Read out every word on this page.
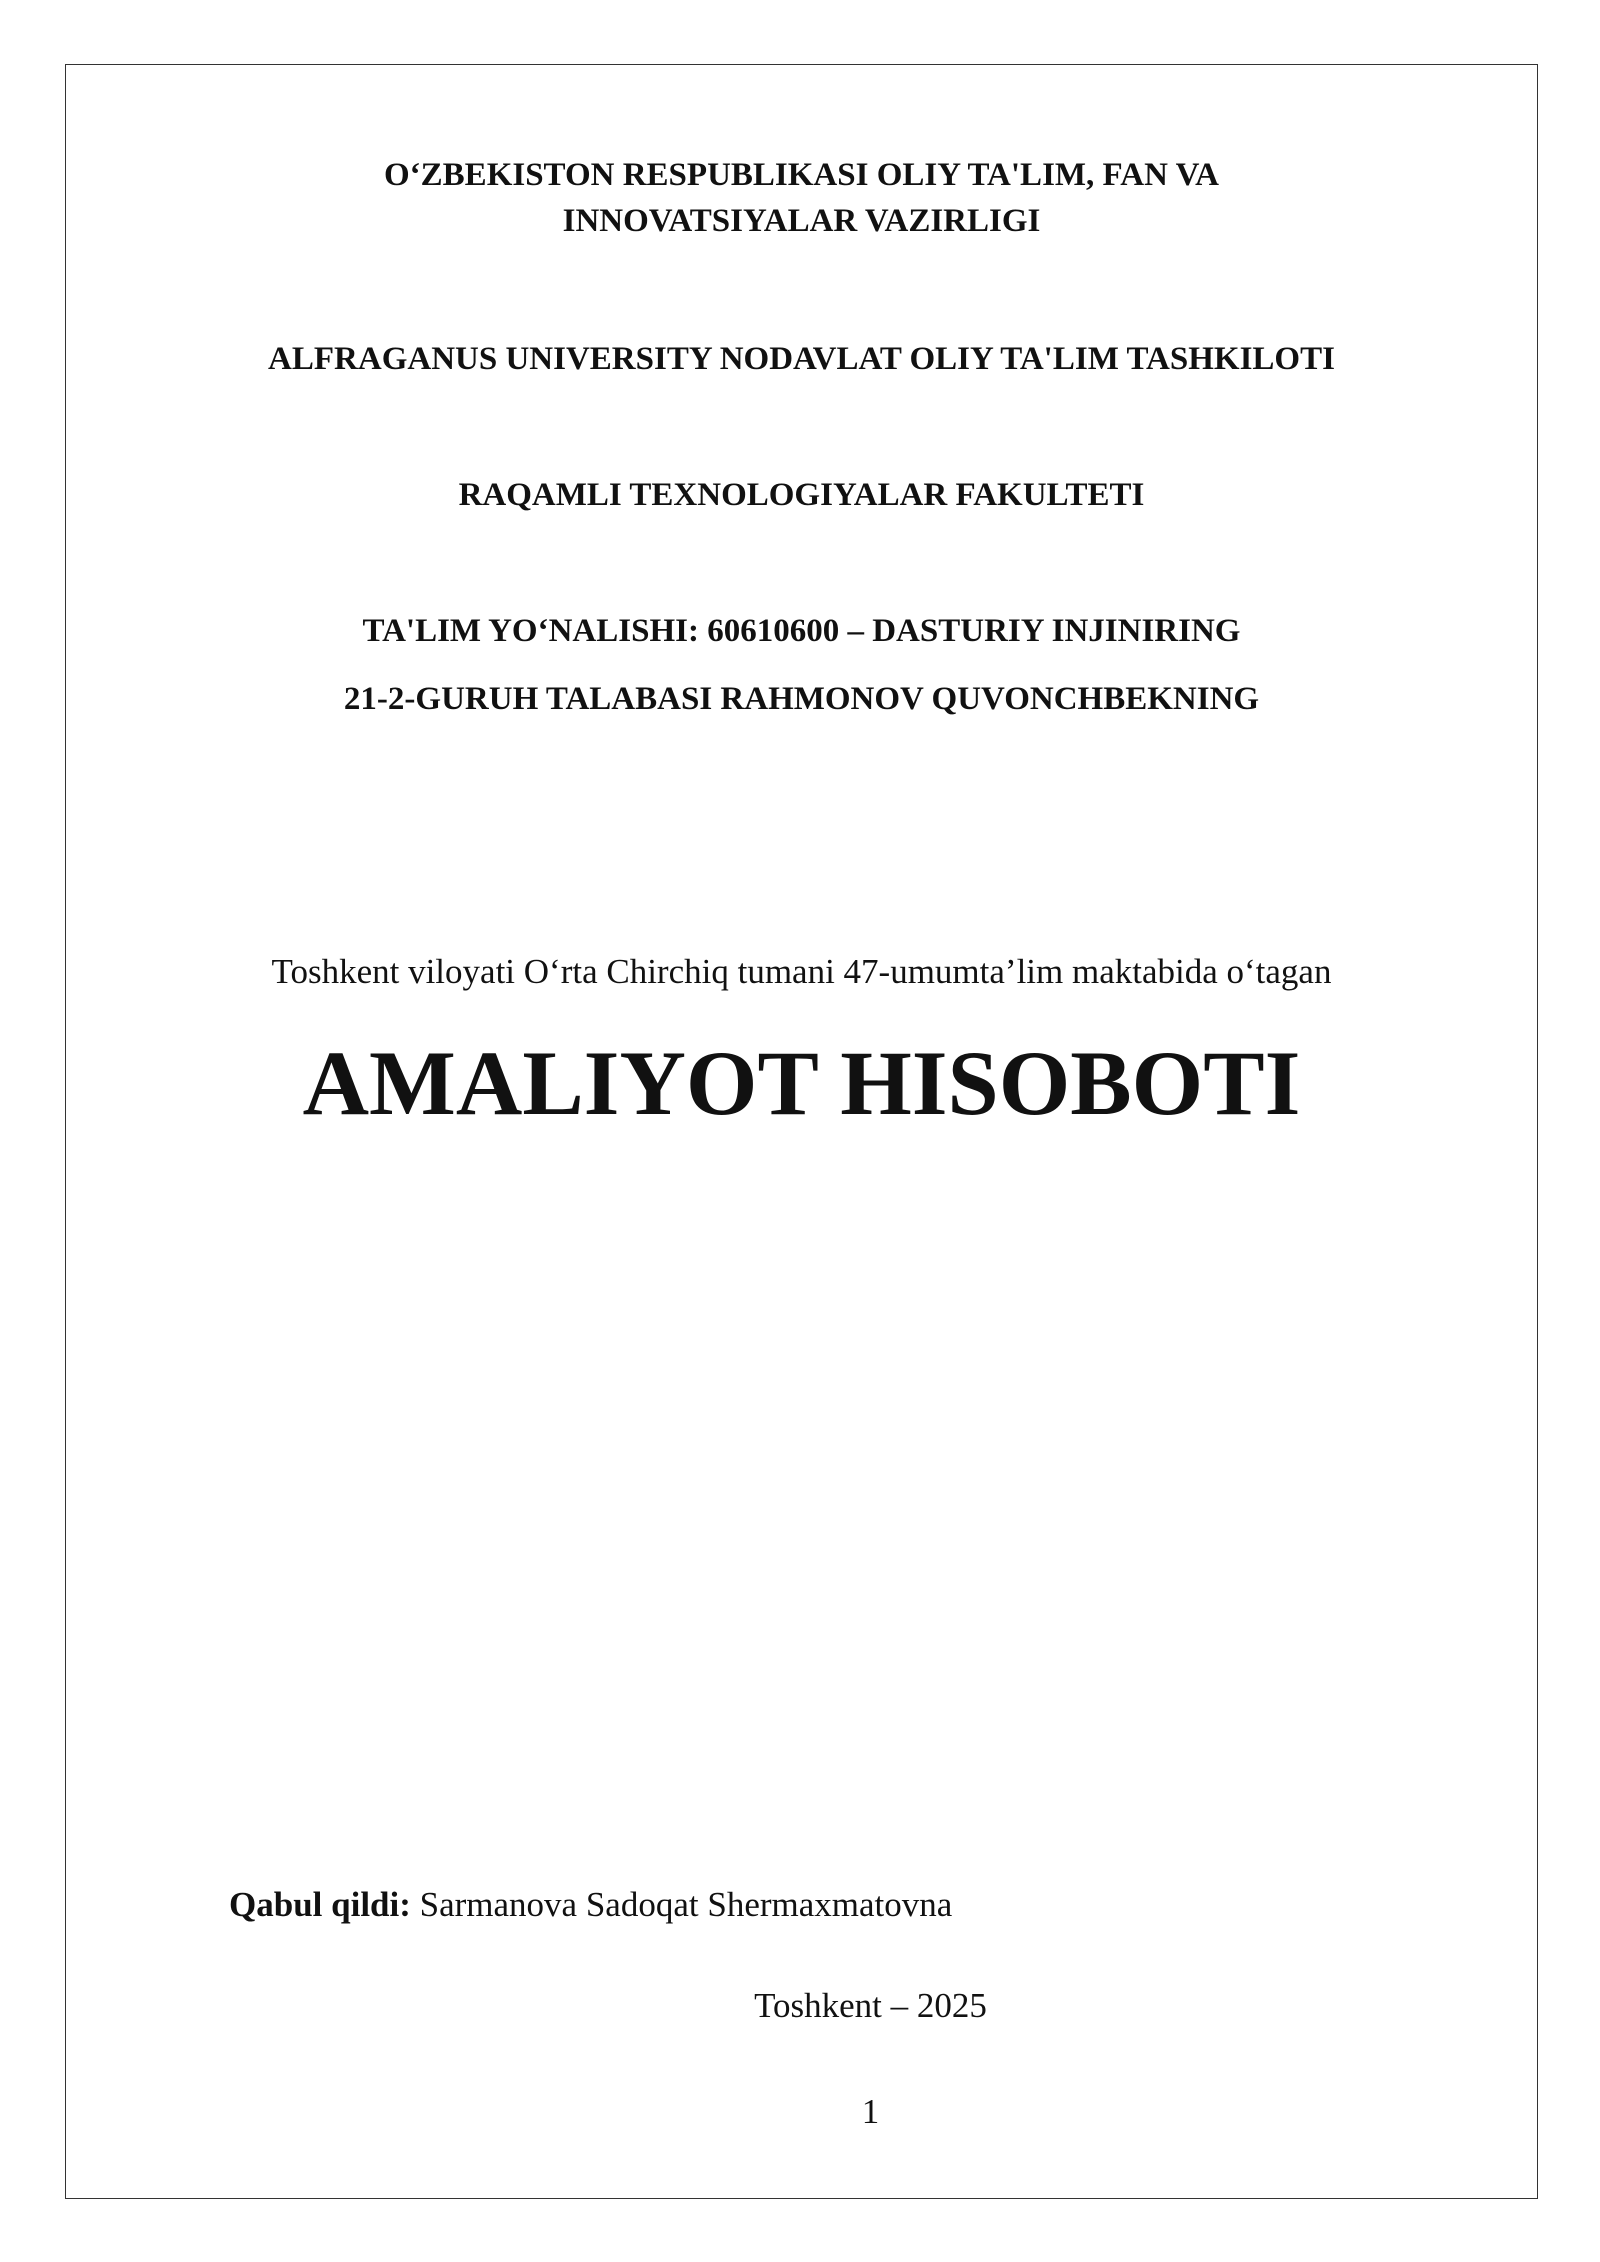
O‘ZBEKISTON RESPUBLIKASI OLIY TA'LIM, FAN VA

INNOVATSIYALAR VAZIRLIGI

ALFRAGANUS UNIVERSITY NODAVLAT OLIY TA'LIM TASHKILOTI

RAQAMLI TEXNOLOGIYALAR FAKULTETI

TA'LIM YO‘NALISHI: 60610600 – DASTURIY INJINIRING

21-2-GURUH TALABASI RAHMONOV QUVONCHBEKNING

Toshkent viloyati O‘rta Chirchiq tumani 47-umumta’lim maktabida o‘tagan

AMALIYOT HISOBOTI

Qabul qildi: Sarmanova Sadoqat Shermaxmatovna

Toshkent – 2025

1
